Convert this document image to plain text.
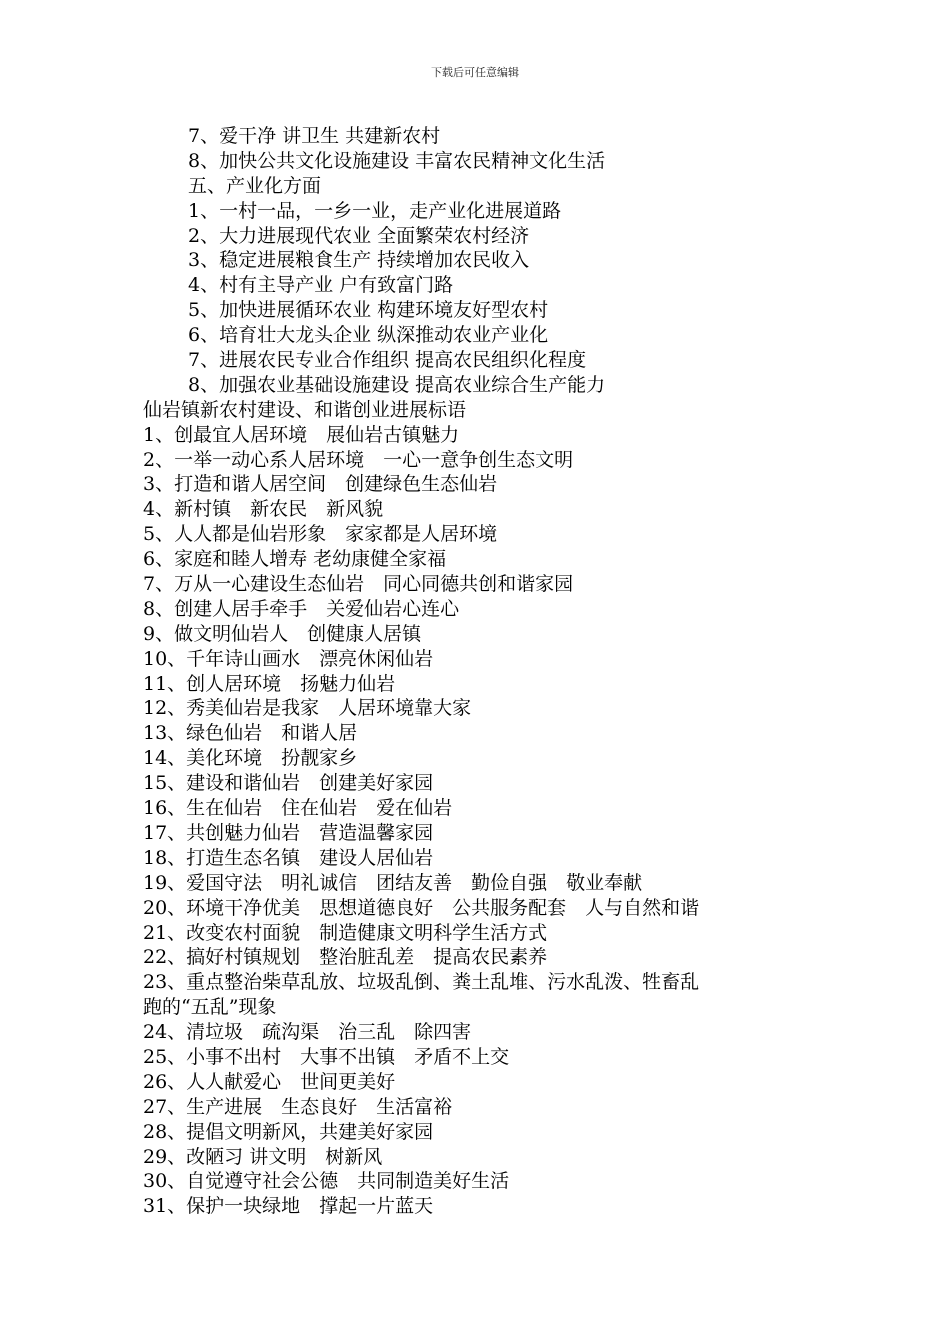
下载后可任意编辑
7、爱干净 讲卫生 共建新农村
8、加快公共文化设施建设 丰富农民精神文化生活
五、产业化方面
1、一村一品，一乡一业，走产业化进展道路
2、大力进展现代农业 全面繁荣农村经济
3、稳定进展粮食生产 持续增加农民收入
4、村有主导产业 户有致富门路
5、加快进展循环农业 构建环境友好型农村
6、培育壮大龙头企业 纵深推动农业产业化
7、进展农民专业合作组织 提高农民组织化程度
8、加强农业基础设施建设 提高农业综合生产能力
仙岩镇新农村建设、和谐创业进展标语
1、创最宜人居环境　展仙岩古镇魅力
2、一举一动心系人居环境　一心一意争创生态文明
3、打造和谐人居空间　创建绿色生态仙岩
4、新村镇　新农民　新风貌
5、人人都是仙岩形象　家家都是人居环境
6、家庭和睦人增寿 老幼康健全家福
7、万从一心建设生态仙岩　同心同德共创和谐家园
8、创建人居手牵手　关爱仙岩心连心
9、做文明仙岩人　创健康人居镇
10、千年诗山画水　漂亮休闲仙岩
11、创人居环境　扬魅力仙岩
12、秀美仙岩是我家　人居环境靠大家
13、绿色仙岩　和谐人居
14、美化环境　扮靓家乡
15、建设和谐仙岩　创建美好家园
16、生在仙岩　住在仙岩　爱在仙岩
17、共创魅力仙岩　营造温馨家园
18、打造生态名镇　建设人居仙岩
19、爱国守法　明礼诚信　团结友善　勤俭自强　敬业奉献
20、环境干净优美　思想道德良好　公共服务配套　人与自然和谐
21、改变农村面貌　制造健康文明科学生活方式
22、搞好村镇规划　整治脏乱差　提高农民素养
23、重点整治柴草乱放、垃圾乱倒、粪土乱堆、污水乱泼、牲畜乱
跑的“五乱”现象
24、清垃圾　疏沟渠　治三乱　除四害
25、小事不出村　大事不出镇　矛盾不上交
26、人人献爱心　世间更美好
27、生产进展　生态良好　生活富裕
28、提倡文明新风，共建美好家园
29、改陋习 讲文明　树新风
30、自觉遵守社会公德　共同制造美好生活
31、保护一块绿地　撑起一片蓝天
